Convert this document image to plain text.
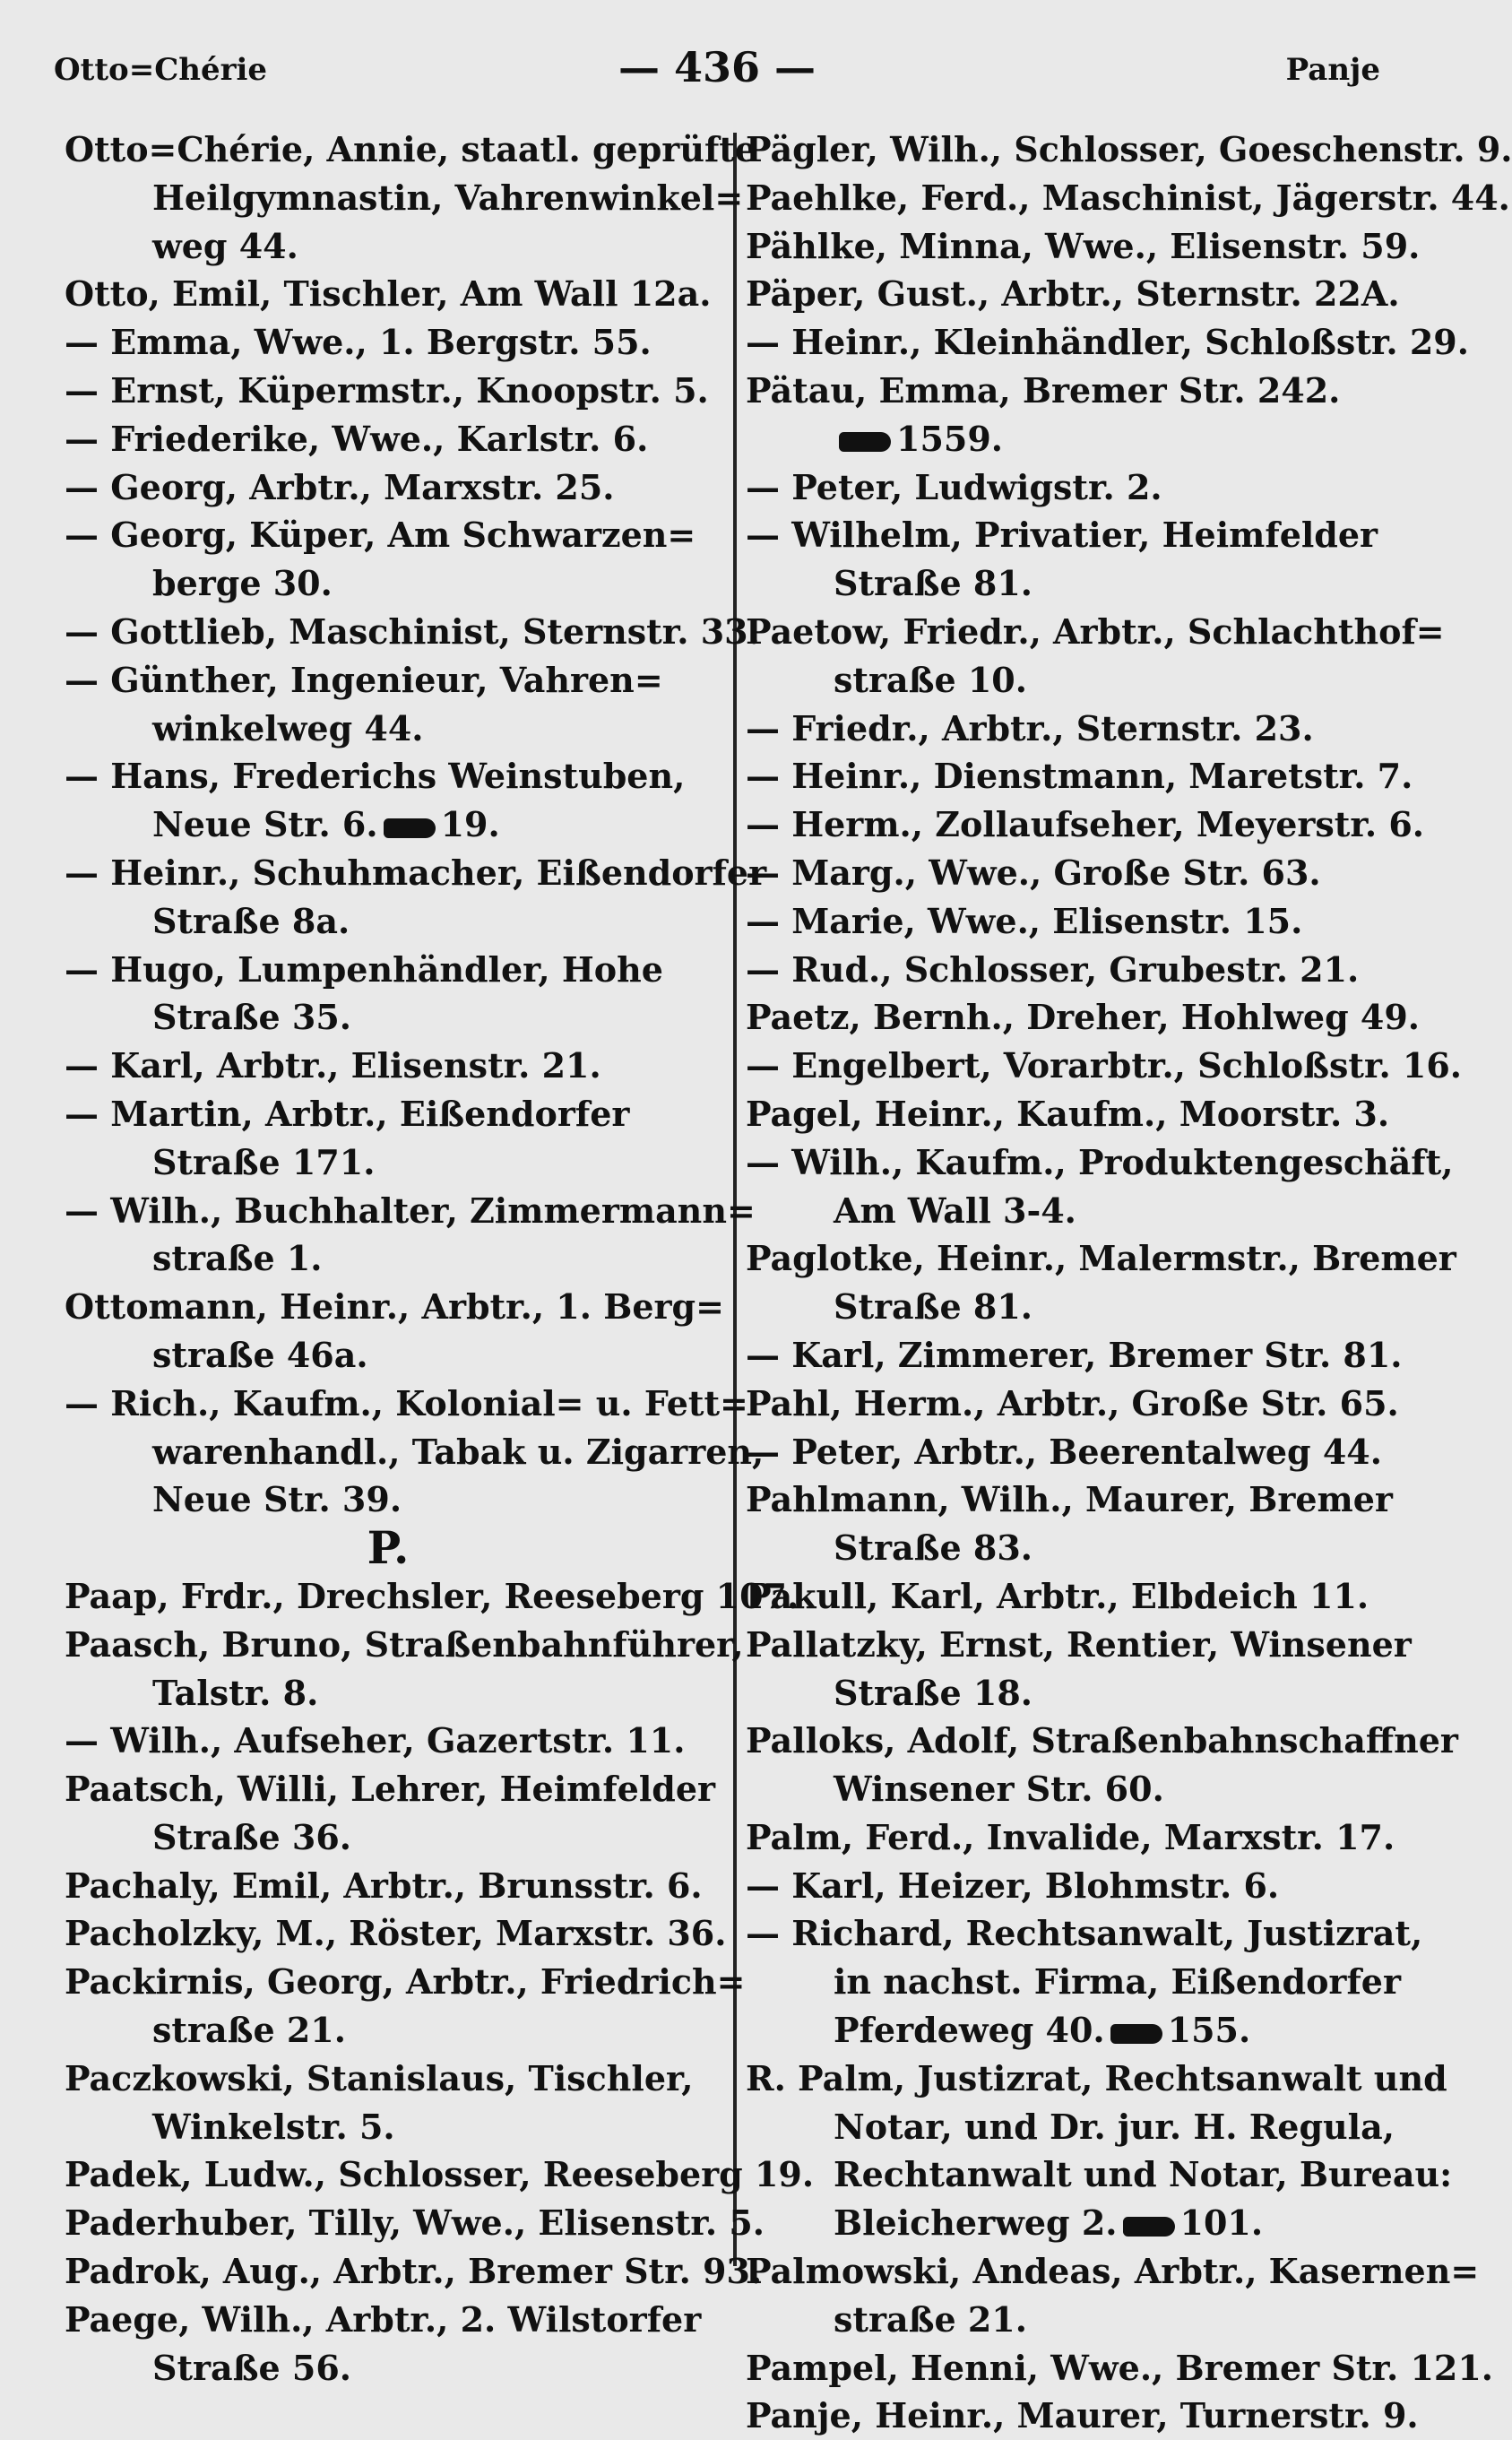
Otto=Chérie	— 436 —	Panje
Otto=Chérie, Annie, staatl. geprüfte
Heilgymnastin, Vahrenwinkel=
weg 44.
Otto, Emil, Tischler, Am Wall 12a.
— Emma, Wwe., 1. Bergstr. 55.
— Ernst, Küpermstr., Knoopstr. 5.
— Friederike, Wwe., Karlstr. 6.
— Georg, Arbtr., Marxstr. 25.
— Georg, Küper, Am Schwarzen=
berge 30.
— Gottlieb, Maschinist, Sternstr. 33.
— Günther, Ingenieur, Vahren=
winkelweg 44.
— Hans, Frederichs Weinstuben,
Neue Str. 6. 19.
— Heinr., Schuhmacher, Eißendorfer
Straße 8a.
— Hugo, Lumpenhändler, Hohe
Straße 35.
— Karl, Arbtr., Elisenstr. 21.
— Martin, Arbtr., Eißendorfer
Straße 171.
— Wilh., Buchhalter, Zimmermann=
straße 1.
Ottomann, Heinr., Arbtr., 1. Berg=
straße 46a.
— Rich., Kaufm., Kolonial= u. Fett=
warenhandl., Tabak u. Zigarren,
Neue Str. 39.
P.
Paap, Frdr., Drechsler, Reeseberg 107.
Paasch, Bruno, Straßenbahnführer,
Talstr. 8.
— Wilh., Aufseher, Gazertstr. 11.
Paatsch, Willi, Lehrer, Heimfelder
Straße 36.
Pachaly, Emil, Arbtr., Brunsstr. 6.
Pacholzky, M., Röster, Marxstr. 36.
Packirnis, Georg, Arbtr., Friedrich=
straße 21.
Paczkowski, Stanislaus, Tischler,
Winkelstr. 5.
Padek, Ludw., Schlosser, Reeseberg 19.
Paderhuber, Tilly, Wwe., Elisenstr. 5.
Padrok, Aug., Arbtr., Bremer Str. 93.
Paege, Wilh., Arbtr., 2. Wilstorfer
Straße 56.
Pägler, Wilh., Schlosser, Goeschenstr. 9.
Paehlke, Ferd., Maschinist, Jägerstr. 44.
Pählke, Minna, Wwe., Elisenstr. 59.
Päper, Gust., Arbtr., Sternstr. 22A.
— Heinr., Kleinhändler, Schloßstr. 29.
Pätau, Emma, Bremer Str. 242.
1559.
— Peter, Ludwigstr. 2.
— Wilhelm, Privatier, Heimfelder
Straße 81.
Paetow, Friedr., Arbtr., Schlachthof=
straße 10.
— Friedr., Arbtr., Sternstr. 23.
— Heinr., Dienstmann, Maretstr. 7.
— Herm., Zollaufseher, Meyerstr. 6.
— Marg., Wwe., Große Str. 63.
— Marie, Wwe., Elisenstr. 15.
— Rud., Schlosser, Grubestr. 21.
Paetz, Bernh., Dreher, Hohlweg 49.
— Engelbert, Vorarbtr., Schloßstr. 16.
Pagel, Heinr., Kaufm., Moorstr. 3.
— Wilh., Kaufm., Produktengeschäft,
Am Wall 3-4.
Paglotke, Heinr., Malermstr., Bremer
Straße 81.
— Karl, Zimmerer, Bremer Str. 81.
Pahl, Herm., Arbtr., Große Str. 65.
— Peter, Arbtr., Beerentalweg 44.
Pahlmann, Wilh., Maurer, Bremer
Straße 83.
Pakull, Karl, Arbtr., Elbdeich 11.
Pallatzky, Ernst, Rentier, Winsener
Straße 18.
Palloks, Adolf, Straßenbahnschaffner
Winsener Str. 60.
Palm, Ferd., Invalide, Marxstr. 17.
— Karl, Heizer, Blohmstr. 6.
— Richard, Rechtsanwalt, Justizrat,
in nachst. Firma, Eißendorfer
Pferdeweg 40. 155.
R. Palm, Justizrat, Rechtsanwalt und
Notar, und Dr. jur. H. Regula,
Rechtanwalt und Notar, Bureau:
Bleicherweg 2. 101.
Palmowski, Andeas, Arbtr., Kasernen=
straße 21.
Pampel, Henni, Wwe., Bremer Str. 121.
Panje, Heinr., Maurer, Turnerstr. 9.
